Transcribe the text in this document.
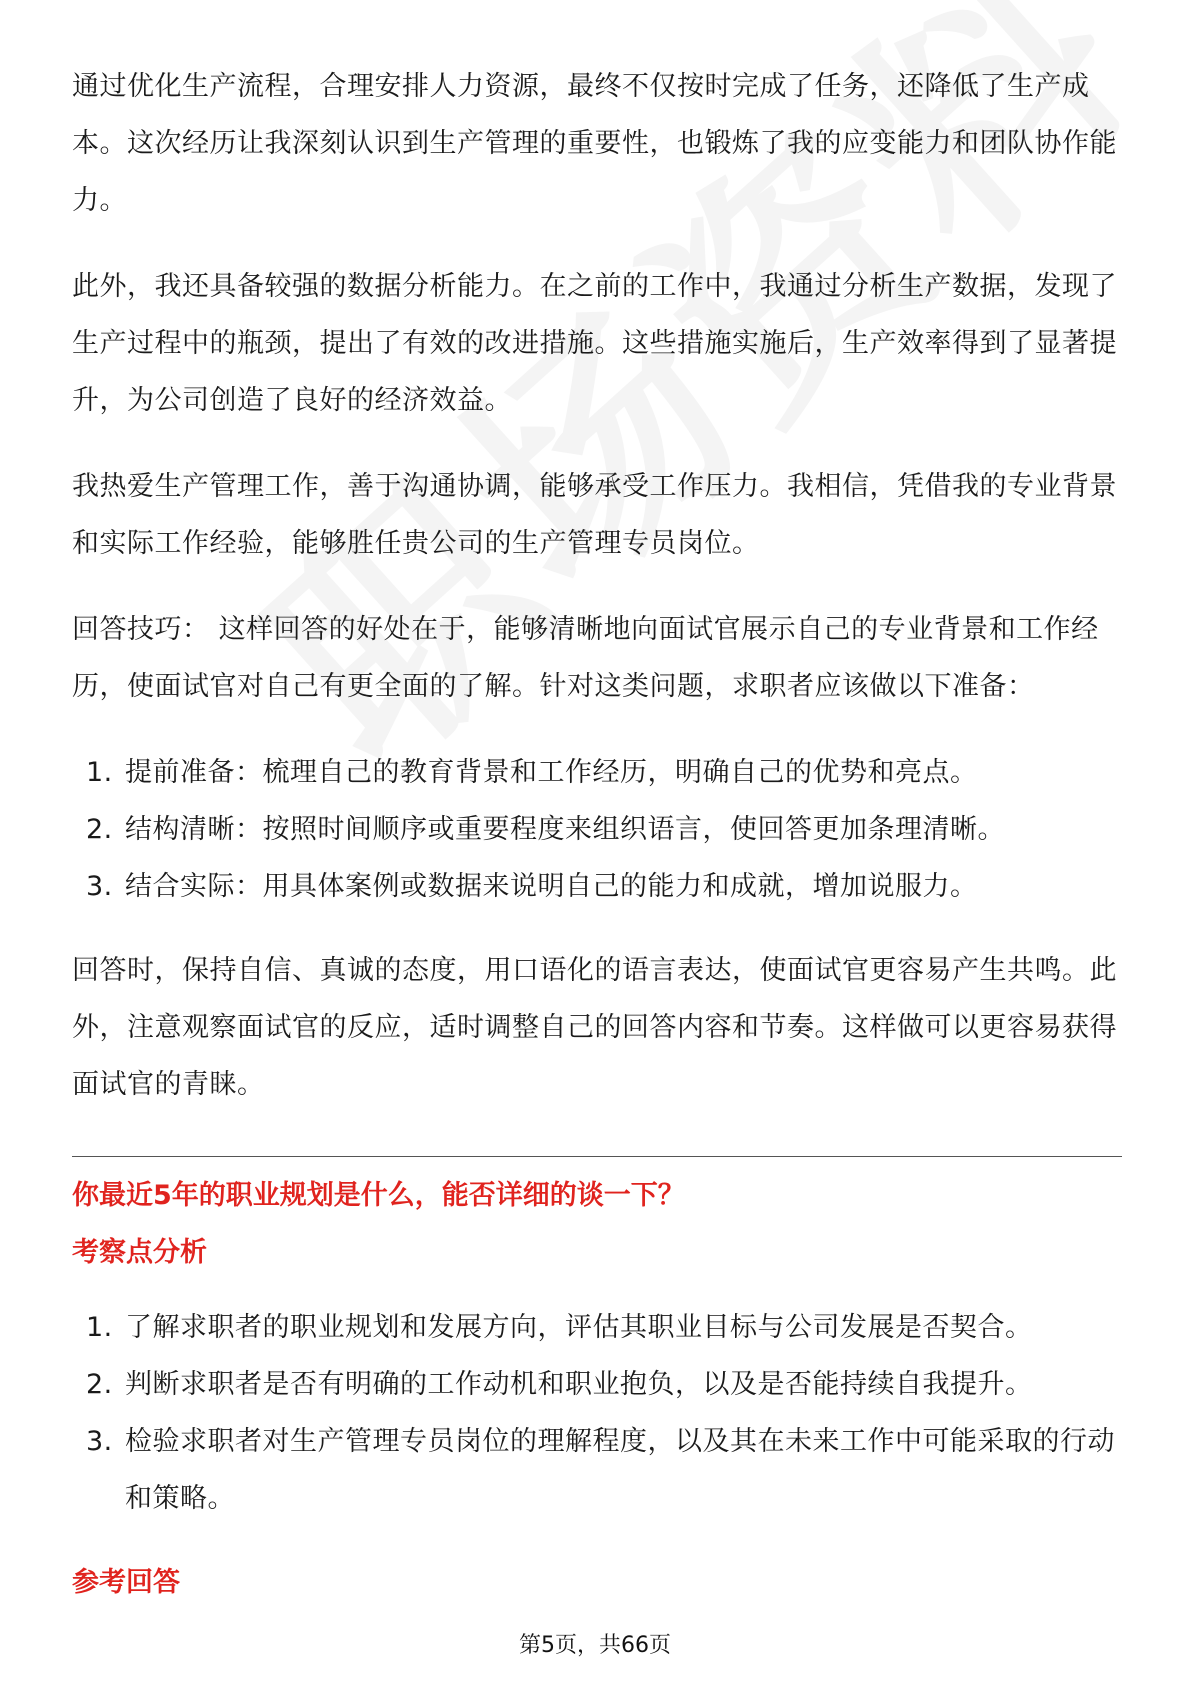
通过优化生产流程，合理安排人力资源，最终不仅按时完成了任务，还降低了生产成本。这次经历让我深刻认识到生产管理的重要性，也锻炼了我的应变能力和团队协作能力。

此外，我还具备较强的数据分析能力。在之前的工作中，我通过分析生产数据，发现了生产过程中的瓶颈，提出了有效的改进措施。这些措施实施后，生产效率得到了显著提升，为公司创造了良好的经济效益。

我热爱生产管理工作，善于沟通协调，能够承受工作压力。我相信，凭借我的专业背景和实际工作经验，能够胜任贵公司的生产管理专员岗位。

回答技巧： 这样回答的好处在于，能够清晰地向面试官展示自己的专业背景和工作经历，使面试官对自己有更全面的了解。针对这类问题，求职者应该做以下准备：

1. 提前准备：梳理自己的教育背景和工作经历，明确自己的优势和亮点。
2. 结构清晰：按照时间顺序或重要程度来组织语言，使回答更加条理清晰。
3. 结合实际：用具体案例或数据来说明自己的能力和成就，增加说服力。

回答时，保持自信、真诚的态度，用口语化的语言表达，使面试官更容易产生共鸣。此外，注意观察面试官的反应，适时调整自己的回答内容和节奏。这样做可以更容易获得面试官的青睐。

你最近5年的职业规划是什么，能否详细的谈一下？

考察点分析

1. 了解求职者的职业规划和发展方向，评估其职业目标与公司发展是否契合。
2. 判断求职者是否有明确的工作动机和职业抱负，以及是否能持续自我提升。
3. 检验求职者对生产管理专员岗位的理解程度，以及其在未来工作中可能采取的行动和策略。

参考回答

第5页，共66页
